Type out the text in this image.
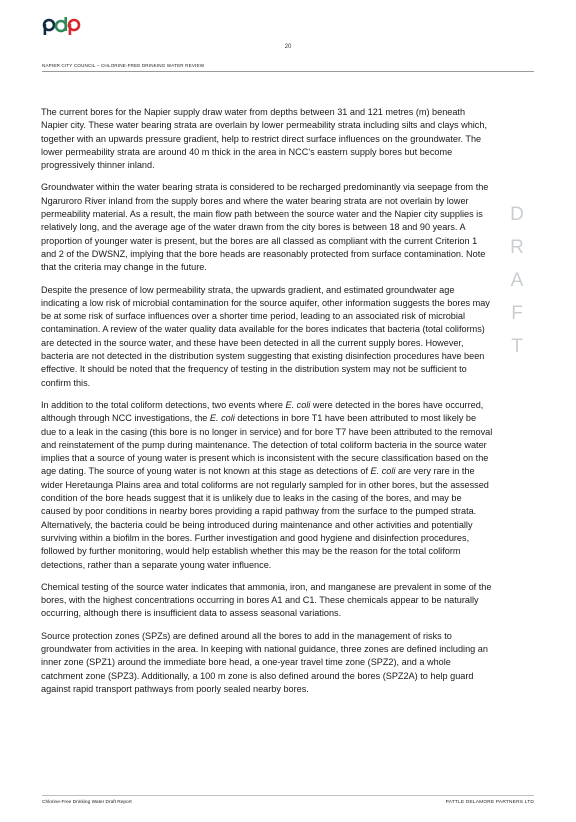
20
NAPIER CITY COUNCIL – CHLORINE-FREE DRINKING WATER REVIEW

The current bores for the Napier supply draw water from depths between 31 and 121 metres (m) beneath Napier city. These water bearing strata are overlain by lower permeability strata including silts and clays which, together with an upwards pressure gradient, help to restrict direct surface influences on the groundwater. The lower permeability strata are around 40 m thick in the area in NCC’s eastern supply bores but become progressively thinner inland.

Groundwater within the water bearing strata is considered to be recharged predominantly via seepage from the Ngaruroro River inland from the supply bores and where the water bearing strata are not overlain by lower permeability material. As a result, the main flow path between the source water and the Napier city supplies is relatively long, and the average age of the water drawn from the city bores is between 18 and 90 years. A proportion of younger water is present, but the bores are all classed as compliant with the current Criterion 1 and 2 of the DWSNZ, implying that the bore heads are reasonably protected from surface contamination. Note that the criteria may change in the future.

Despite the presence of low permeability strata, the upwards gradient, and estimated groundwater age indicating a low risk of microbial contamination for the source aquifer, other information suggests the bores may be at some risk of surface influences over a shorter time period, leading to an associated risk of microbial contamination. A review of the water quality data available for the bores indicates that bacteria (total coliforms) are detected in the source water, and these have been detected in all the current supply bores. However, bacteria are not detected in the distribution system suggesting that existing disinfection procedures have been effective. It should be noted that the frequency of testing in the distribution system may not be sufficient to confirm this.

In addition to the total coliform detections, two events where E. coli were detected in the bores have occurred, although through NCC investigations, the E. coli detections in bore T1 have been attributed to most likely be due to a leak in the casing (this bore is no longer in service) and for bore T7 have been attributed to the removal and reinstatement of the pump during maintenance. The detection of total coliform bacteria in the source water implies that a source of young water is present which is inconsistent with the secure classification based on the age dating. The source of young water is not known at this stage as detections of E. coli are very rare in the wider Heretaunga Plains area and total coliforms are not regularly sampled for in other bores, but the assessed condition of the bore heads suggest that it is unlikely due to leaks in the casing of the bores, and may be caused by poor conditions in nearby bores providing a rapid pathway from the surface to the pumped strata. Alternatively, the bacteria could be being introduced during maintenance and other activities and potentially surviving within a biofilm in the bores. Further investigation and good hygiene and disinfection procedures, followed by further monitoring, would help establish whether this may be the reason for the total coliform detections, rather than a separate young water influence.

Chemical testing of the source water indicates that ammonia, iron, and manganese are prevalent in some of the bores, with the highest concentrations occurring in bores A1 and C1. These chemicals appear to be naturally occurring, although there is insufficient data to assess seasonal variations.

Source protection zones (SPZs) are defined around all the bores to add in the management of risks to groundwater from activities in the area. In keeping with national guidance, three zones are defined including an inner zone (SPZ1) around the immediate bore head, a one-year travel time zone (SPZ2), and a whole catchment zone (SPZ3). Additionally, a 100 m zone is also defined around the bores (SPZ2A) to help guard against rapid transport pathways from poorly sealed nearby bores.

D
R
A
F
T
Chlorine-Free Drinking Water Draft Report	PATTLE DELAMORE PARTNERS LTD
